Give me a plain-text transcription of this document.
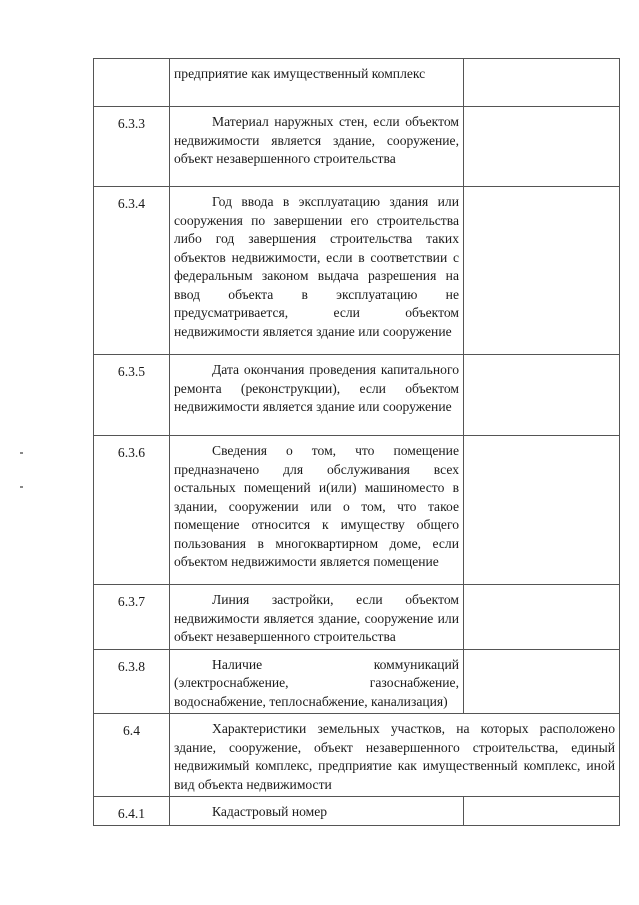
	предприятие как имущественный комплекс	

6.3.3	Материал наружных стен, если объектом недвижимости является здание, сооружение, объект незавершенного строительства	

6.3.4	Год ввода в эксплуатацию здания или сооружения по завершении его строительства либо год завершения строительства таких объектов недвижимости, если в соответствии с федеральным законом выдача разрешения на ввод объекта в эксплуатацию не предусматривается, если объектом недвижимости является здание или сооружение	

6.3.5	Дата окончания проведения капитального ремонта (реконструкции), если объектом недвижимости является здание или сооружение	

6.3.6	Сведения о том, что помещение предназначено для обслуживания всех остальных помещений и(или) машиноместо в здании, сооружении или о том, что такое помещение относится к имуществу общего пользования в многоквартирном доме, если объектом недвижимости является помещение	

6.3.7	Линия застройки, если объектом недвижимости является здание, сооружение или объект незавершенного строительства	

6.3.8	Наличие коммуникаций (электроснабжение, газоснабжение, водоснабжение, теплоснабжение, канализация)	

6.4	Характеристики земельных участков, на которых расположено здание, сооружение, объект незавершенного строительства, единый недвижимый комплекс, предприятие как имущественный комплекс, иной вид объекта недвижимости	

6.4.1	Кадастровый номер	
